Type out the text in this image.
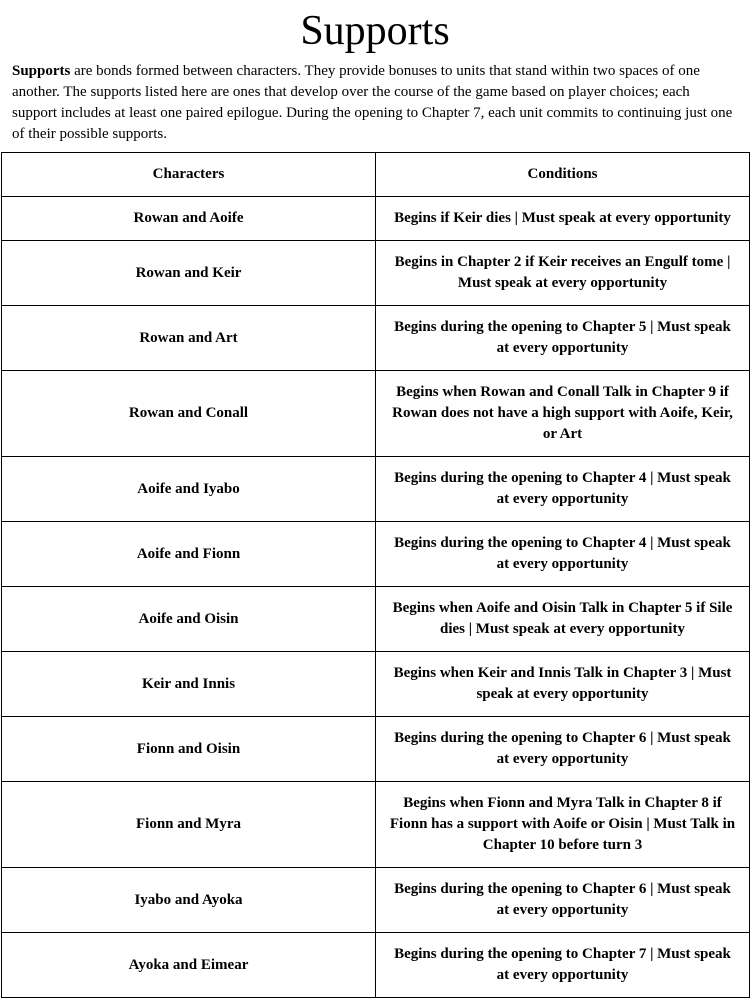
Supports

Supports are bonds formed between characters. They provide bonuses to units that stand within two spaces of one another. The supports listed here are ones that develop over the course of the game based on player choices; each support includes at least one paired epilogue. During the opening to Chapter 7, each unit commits to continuing just one of their possible supports.

Characters	Conditions
Rowan and Aoife	Begins if Keir dies | Must speak at every opportunity
Rowan and Keir	Begins in Chapter 2 if Keir receives an Engulf tome | Must speak at every opportunity
Rowan and Art	Begins during the opening to Chapter 5 | Must speak at every opportunity
Rowan and Conall	Begins when Rowan and Conall Talk in Chapter 9 if Rowan does not have a high support with Aoife, Keir, or Art
Aoife and Iyabo	Begins during the opening to Chapter 4 | Must speak at every opportunity
Aoife and Fionn	Begins during the opening to Chapter 4 | Must speak at every opportunity
Aoife and Oisin	Begins when Aoife and Oisin Talk in Chapter 5 if Sile dies | Must speak at every opportunity
Keir and Innis	Begins when Keir and Innis Talk in Chapter 3 | Must speak at every opportunity
Fionn and Oisin	Begins during the opening to Chapter 6 | Must speak at every opportunity
Fionn and Myra	Begins when Fionn and Myra Talk in Chapter 8 if Fionn has a support with Aoife or Oisin | Must Talk in Chapter 10 before turn 3
Iyabo and Ayoka	Begins during the opening to Chapter 6 | Must speak at every opportunity
Ayoka and Eimear	Begins during the opening to Chapter 7 | Must speak at every opportunity
